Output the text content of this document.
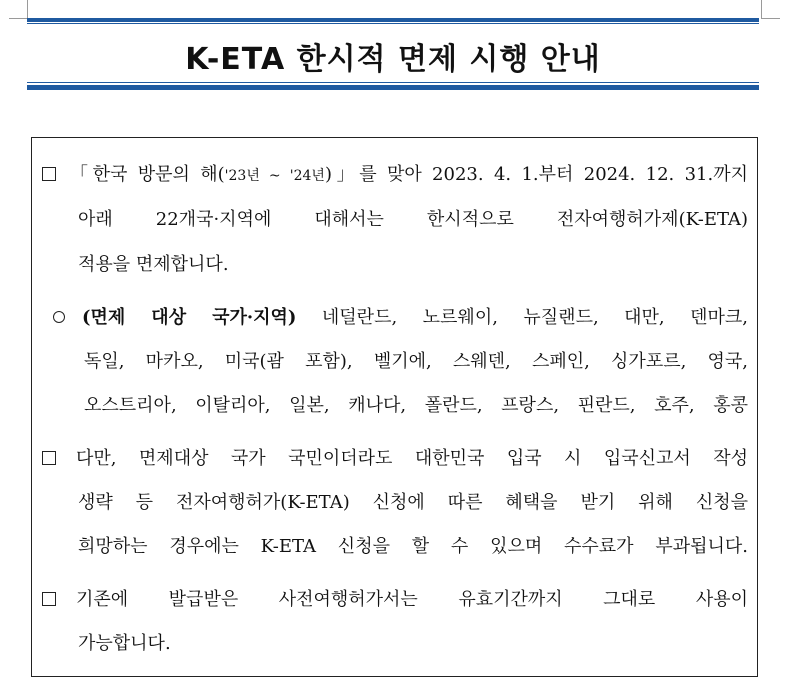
K-ETA 한시적 면제 시행 안내
「한국 방문의 해('23년 ~ '24년)」를 맞아 2023. 4. 1.부터 2024. 12. 31.까지
아래 22개국·지역에 대해서는 한시적으로 전자여행허가제(K-ETA)
적용을 면제합니다.
(면제 대상 국가·지역) 네덜란드, 노르웨이, 뉴질랜드, 대만, 덴마크,
독일, 마카오, 미국(괌 포함), 벨기에, 스웨덴, 스페인, 싱가포르, 영국,
오스트리아, 이탈리아, 일본, 캐나다, 폴란드, 프랑스, 핀란드, 호주, 홍콩
다만, 면제대상 국가 국민이더라도 대한민국 입국 시 입국신고서 작성
생략 등 전자여행허가(K-ETA) 신청에 따른 혜택을 받기 위해 신청을
희망하는 경우에는 K-ETA 신청을 할 수 있으며 수수료가 부과됩니다.
기존에 발급받은 사전여행허가서는 유효기간까지 그대로 사용이
가능합니다.
